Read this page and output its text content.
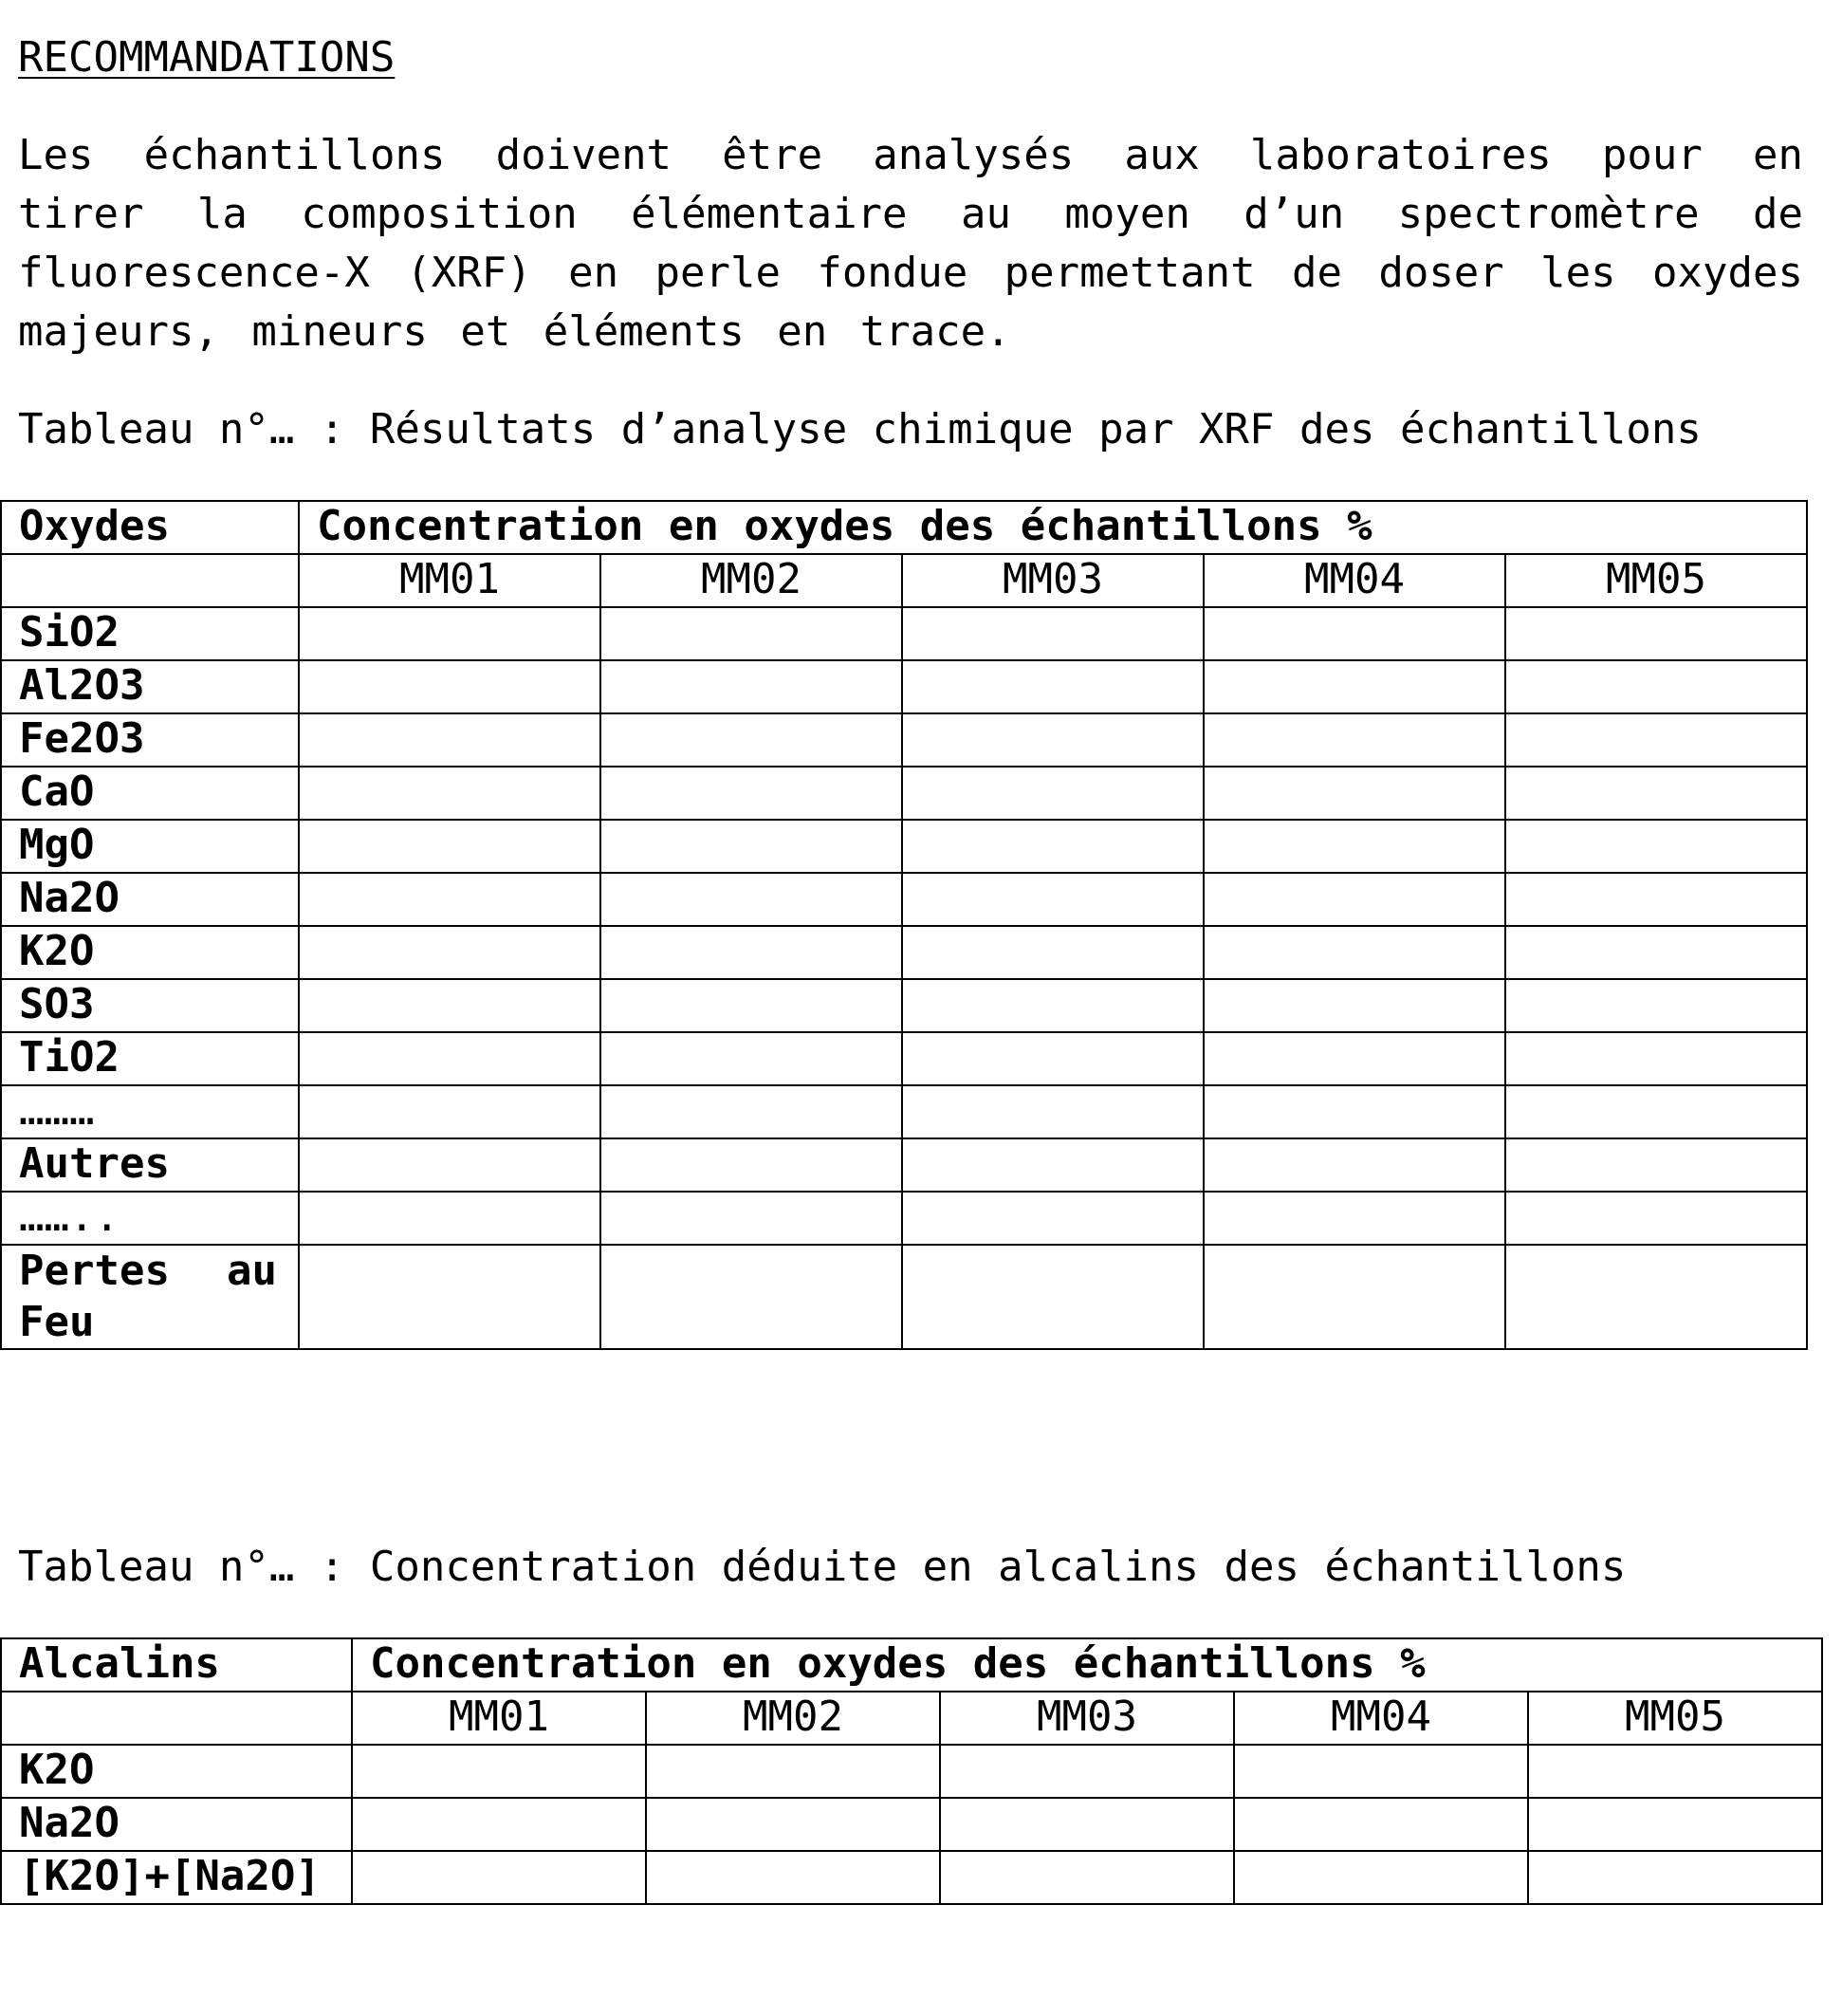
RECOMMANDATIONS

Les échantillons doivent être analysés aux laboratoires pour en tirer la composition élémentaire au moyen d’un spectromètre de fluorescence-X (XRF) en perle fondue permettant de doser les oxydes majeurs, mineurs et éléments en trace.

Tableau n°… : Résultats d’analyse chimique par XRF des échantillons

Oxydes	Concentration en oxydes des échantillons %				
	MM01	MM02	MM03	MM04	MM05
SiO2					
Al2O3					
Fe2O3					
CaO					
MgO					
Na2O					
K2O					
SO3					
TiO2					
………					
Autres					
……..					

Pertes au
Feu					

Tableau n°… : Concentration déduite en alcalins des échantillons

Alcalins	Concentration en oxydes des échantillons %				
	MM01	MM02	MM03	MM04	MM05
K2O					
Na2O					
[K2O]+[Na2O]					
